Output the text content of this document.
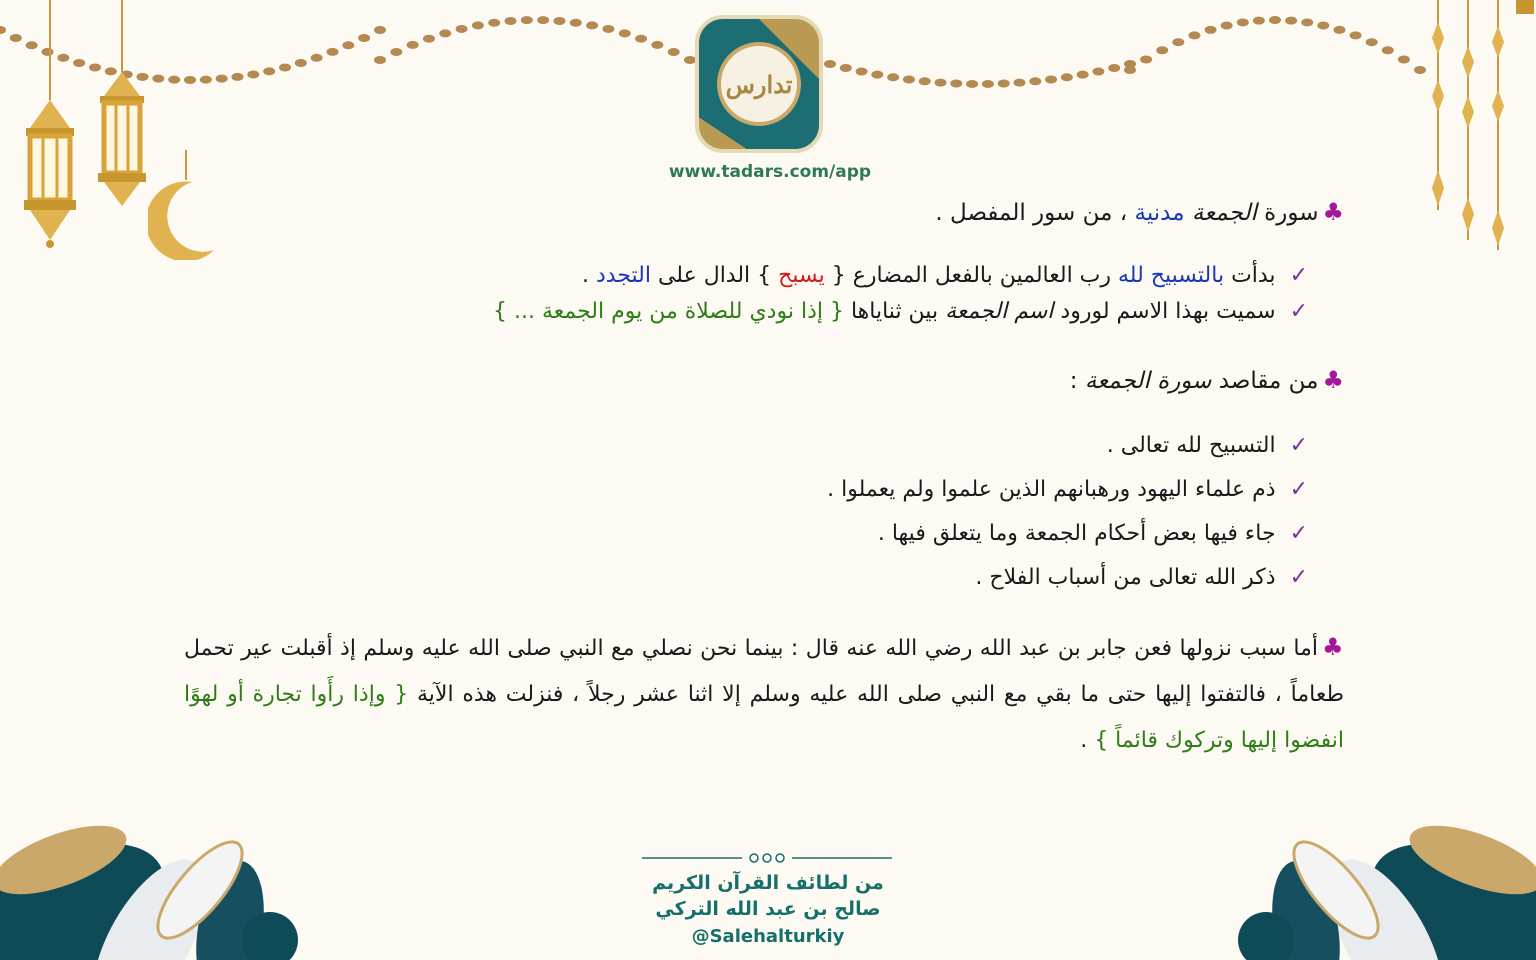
تدارس
www.tadars.com/app
♣سورة الجمعة مدنية ، من سور المفصل .
✓بدأت بالتسبيح لله رب العالمين بالفعل المضارع { يسبح } الدال على التجدد .
✓سميت بهذا الاسم لورود اسم الجمعة بين ثناياها { إذا نودي للصلاة من يوم الجمعة ... }
♣من مقاصد سورة الجمعة :
✓التسبيح لله تعالى .
✓ذم علماء اليهود ورهبانهم الذين علموا ولم يعملوا .
✓جاء فيها بعض أحكام الجمعة وما يتعلق فيها .
✓ذكر الله تعالى من أسباب الفلاح .
♣أما سبب نزولها فعن جابر بن عبد الله رضي الله عنه قال : بينما نحن نصلي مع النبي صلى الله عليه وسلم إذ أقبلت عير تحمل طعاماً ، فالتفتوا إليها حتى ما بقي مع النبي صلى الله عليه وسلم إلا اثنا عشر رجلاً ، فنزلت هذه الآية { وإذا رأَوا تجارة أو لهوًا انفضوا إليها وتركوك قائماً } .
من لطائف القرآن الكريم
صالح بن عبد الله التركي
@Salehalturkiy
